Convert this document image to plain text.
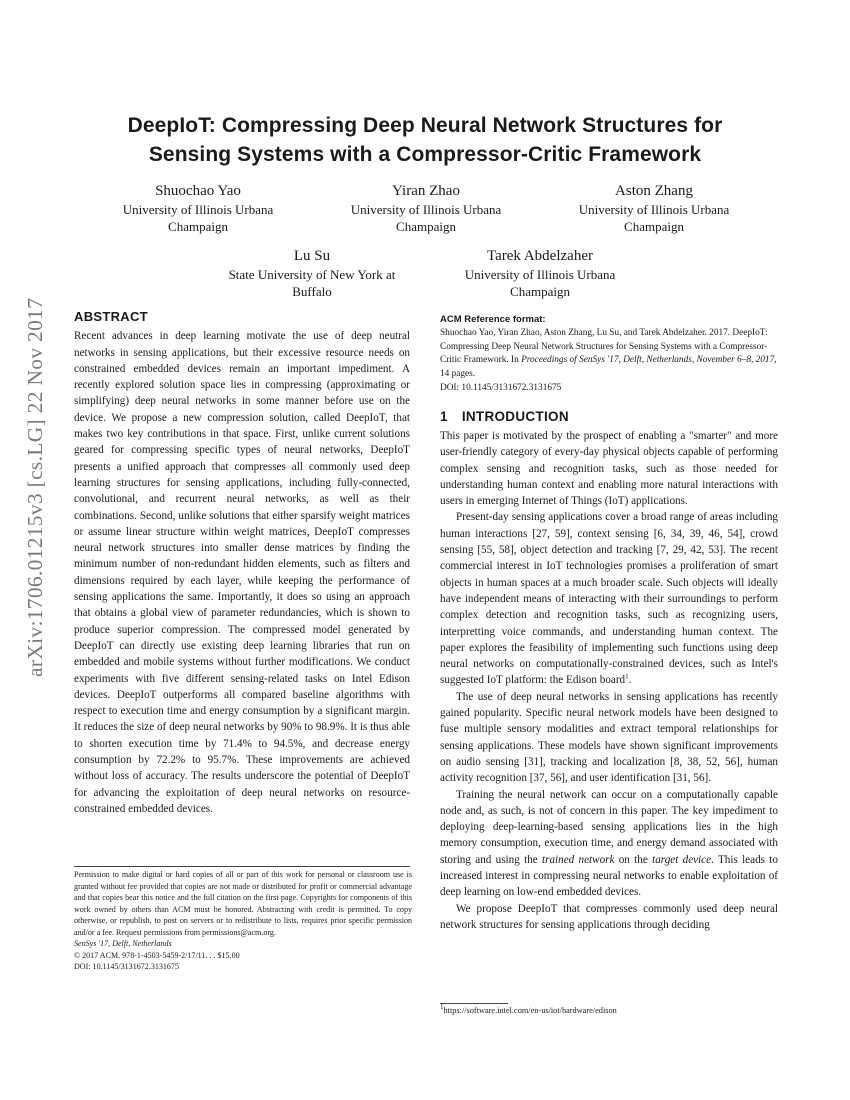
arXiv:1706.01215v3 [cs.LG] 22 Nov 2017
DeepIoT: Compressing Deep Neural Network Structures for
Sensing Systems with a Compressor-Critic Framework
Shuochao Yao
University of Illinois Urbana Champaign
Yiran Zhao
University of Illinois Urbana Champaign
Aston Zhang
University of Illinois Urbana Champaign
Lu Su
State University of New York at Buffalo
Tarek Abdelzaher
University of Illinois Urbana Champaign
ABSTRACT

Recent advances in deep learning motivate the use of deep neutral networks in sensing applications, but their excessive resource needs on constrained embedded devices remain an important impediment. A recently explored solution space lies in compressing (approximating or simplifying) deep neural networks in some manner before use on the device. We propose a new compression solution, called DeepIoT, that makes two key contributions in that space. First, unlike current solutions geared for compressing specific types of neural networks, DeepIoT presents a unified approach that compresses all commonly used deep learning structures for sensing applications, including fully-connected, convolutional, and recurrent neural networks, as well as their combinations. Second, unlike solutions that either sparsify weight matrices or assume linear structure within weight matrices, DeepIoT compresses neural network structures into smaller dense matrices by finding the minimum number of non-redundant hidden elements, such as filters and dimensions required by each layer, while keeping the performance of sensing applications the same. Importantly, it does so using an approach that obtains a global view of parameter redundancies, which is shown to produce superior compression. The compressed model generated by DeepIoT can directly use existing deep learning libraries that run on embedded and mobile systems without further modifications. We conduct experiments with five different sensing-related tasks on Intel Edison devices. DeepIoT outperforms all compared baseline algorithms with respect to execution time and energy consumption by a significant margin. It reduces the size of deep neural networks by 90% to 98.9%. It is thus able to shorten execution time by 71.4% to 94.5%, and decrease energy consumption by 72.2% to 95.7%. These improvements are achieved without loss of accuracy. The results underscore the potential of DeepIoT for advancing the exploitation of deep neural networks on resource-constrained embedded devices.

Permission to make digital or hard copies of all or part of this work for personal or classroom use is granted without fee provided that copies are not made or distributed for profit or commercial advantage and that copies bear this notice and the full citation on the first page. Copyrights for components of this work owned by others than ACM must be honored. Abstracting with credit is permitted. To copy otherwise, or republish, to post on servers or to redistribute to lists, requires prior specific permission and/or a fee. Request permissions from permissions@acm.org.
SenSys '17, Delft, Netherlands
© 2017 ACM. 978-1-4503-5459-2/17/11. . . $15.00
DOI: 10.1145/3131672.3131675
ACM Reference format:
Shuochao Yao, Yiran Zhao, Aston Zhang, Lu Su, and Tarek Abdelzaher. 2017. DeepIoT: Compressing Deep Neural Network Structures for Sensing Systems with a Compressor-Critic Framework. In Proceedings of SenSys '17, Delft, Netherlands, November 6–8, 2017, 14 pages.
DOI: 10.1145/3131672.3131675
1 INTRODUCTION

This paper is motivated by the prospect of enabling a "smarter" and more user-friendly category of every-day physical objects capable of performing complex sensing and recognition tasks, such as those needed for understanding human context and enabling more natural interactions with users in emerging Internet of Things (IoT) applications.

Present-day sensing applications cover a broad range of areas including human interactions [27, 59], context sensing [6, 34, 39, 46, 54], crowd sensing [55, 58], object detection and tracking [7, 29, 42, 53]. The recent commercial interest in IoT technologies promises a proliferation of smart objects in human spaces at a much broader scale. Such objects will ideally have independent means of interacting with their surroundings to perform complex detection and recognition tasks, such as recognizing users, interpretting voice commands, and understanding human context. The paper explores the feasibility of implementing such functions using deep neural networks on computationally-constrained devices, such as Intel's suggested IoT platform: the Edison board$^1$.

The use of deep neural networks in sensing applications has recently gained popularity. Specific neural network models have been designed to fuse multiple sensory modalities and extract temporal relationships for sensing applications. These models have shown significant improvements on audio sensing [31], tracking and localization [8, 38, 52, 56], human activity recognition [37, 56], and user identification [31, 56].

Training the neural network can occur on a computationally capable node and, as such, is not of concern in this paper. The key impediment to deploying deep-learning-based sensing applications lies in the high memory consumption, execution time, and energy demand associated with storing and using the trained network on the target device. This leads to increased interest in compressing neural networks to enable exploitation of deep learning on low-end embedded devices.

We propose DeepIoT that compresses commonly used deep neural network structures for sensing applications through deciding

$^1$https://software.intel.com/en-us/iot/hardware/edison
